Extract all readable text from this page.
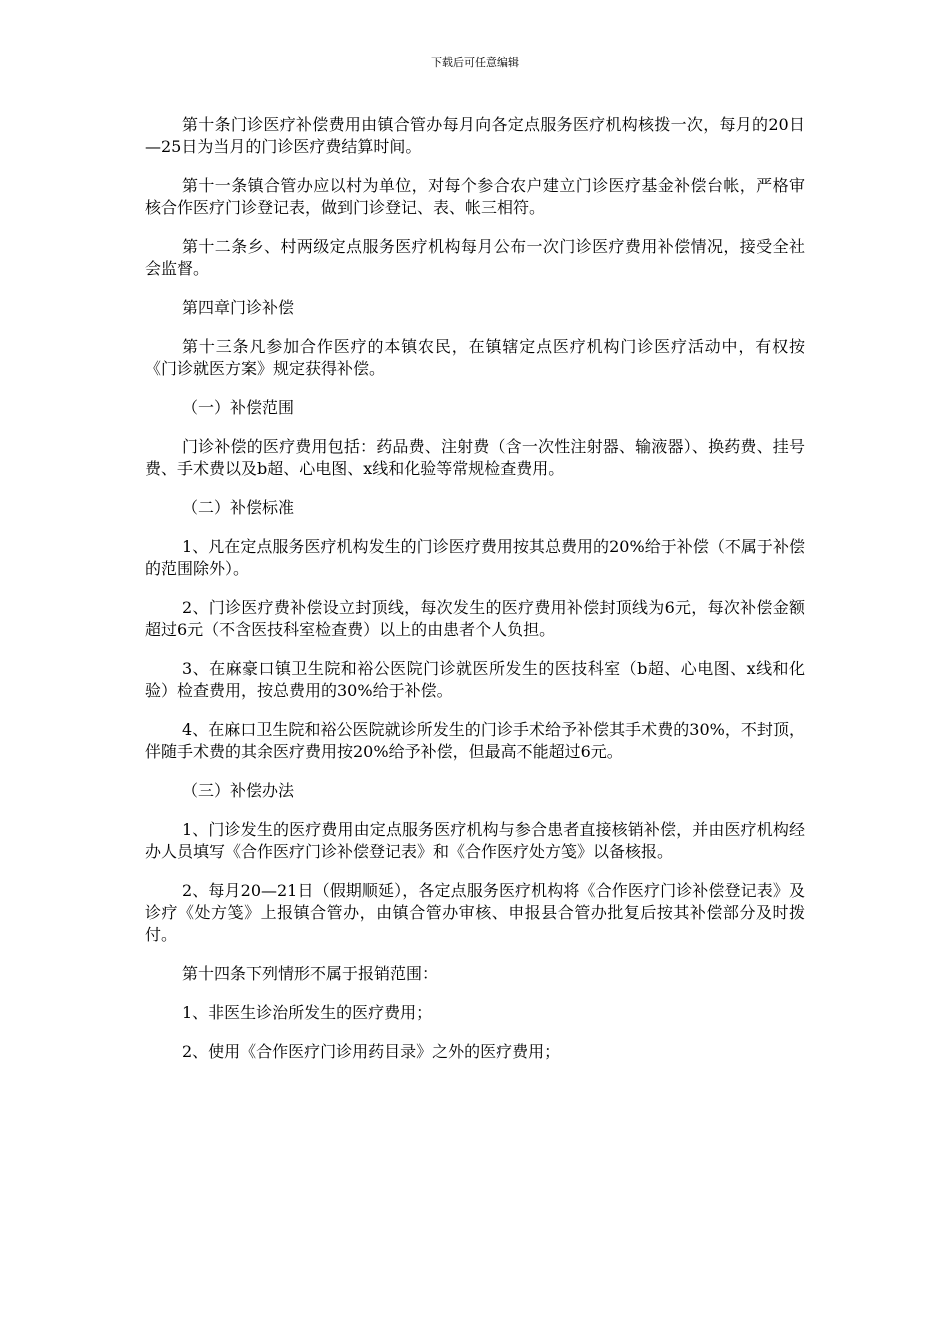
下载后可任意编辑

第十条门诊医疗补偿费用由镇合管办每月向各定点服务医疗机构核拨一次，每月的20日—25日为当月的门诊医疗费结算时间。

第十一条镇合管办应以村为单位，对每个参合农户建立门诊医疗基金补偿台帐，严格审核合作医疗门诊登记表，做到门诊登记、表、帐三相符。

第十二条乡、村两级定点服务医疗机构每月公布一次门诊医疗费用补偿情况，接受全社会监督。

第四章门诊补偿

第十三条凡参加合作医疗的本镇农民，在镇辖定点医疗机构门诊医疗活动中，有权按《门诊就医方案》规定获得补偿。

（一）补偿范围

门诊补偿的医疗费用包括：药品费、注射费（含一次性注射器、输液器）、换药费、挂号费、手术费以及b超、心电图、x线和化验等常规检查费用。

（二）补偿标准

1、凡在定点服务医疗机构发生的门诊医疗费用按其总费用的20%给于补偿（不属于补偿的范围除外）。

2、门诊医疗费补偿设立封顶线，每次发生的医疗费用补偿封顶线为6元，每次补偿金额超过6元（不含医技科室检查费）以上的由患者个人负担。

3、在麻豪口镇卫生院和裕公医院门诊就医所发生的医技科室（b超、心电图、x线和化验）检查费用，按总费用的30%给于补偿。

4、在麻口卫生院和裕公医院就诊所发生的门诊手术给予补偿其手术费的30%，不封顶，伴随手术费的其余医疗费用按20%给予补偿，但最高不能超过6元。

（三）补偿办法

1、门诊发生的医疗费用由定点服务医疗机构与参合患者直接核销补偿，并由医疗机构经办人员填写《合作医疗门诊补偿登记表》和《合作医疗处方笺》以备核报。

2、每月20—21日（假期顺延），各定点服务医疗机构将《合作医疗门诊补偿登记表》及诊疗《处方笺》上报镇合管办，由镇合管办审核、申报县合管办批复后按其补偿部分及时拨付。

第十四条下列情形不属于报销范围：

1、非医生诊治所发生的医疗费用；

2、使用《合作医疗门诊用药目录》之外的医疗费用；
